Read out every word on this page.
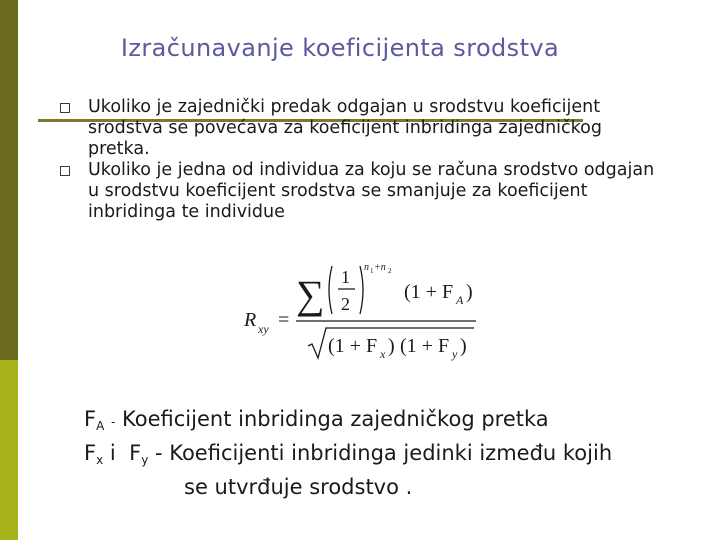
Izračunavanje koeficijenta srodstva
Ukoliko je zajednički predak odgajan u srodstvu koeficijent srodstva se povećava za koeficijent inbridinga zajedničkog pretka.
Ukoliko je jedna od individua za koju se računa srodstvo odgajan u srodstvu koeficijent srodstva se smanjuje za koeficijent inbridinga te individue
R xy =
∑ 1
2
n 1 +n 2
(1 + F A )
(1 + F x ) (1 + F y )
$F_A$ - Koeficijent inbridinga zajedničkog pretka
$F_x$ i $F_y$ - Koeficijenti inbridinga jedinki između kojih
se utvrđuje srodstvo .
